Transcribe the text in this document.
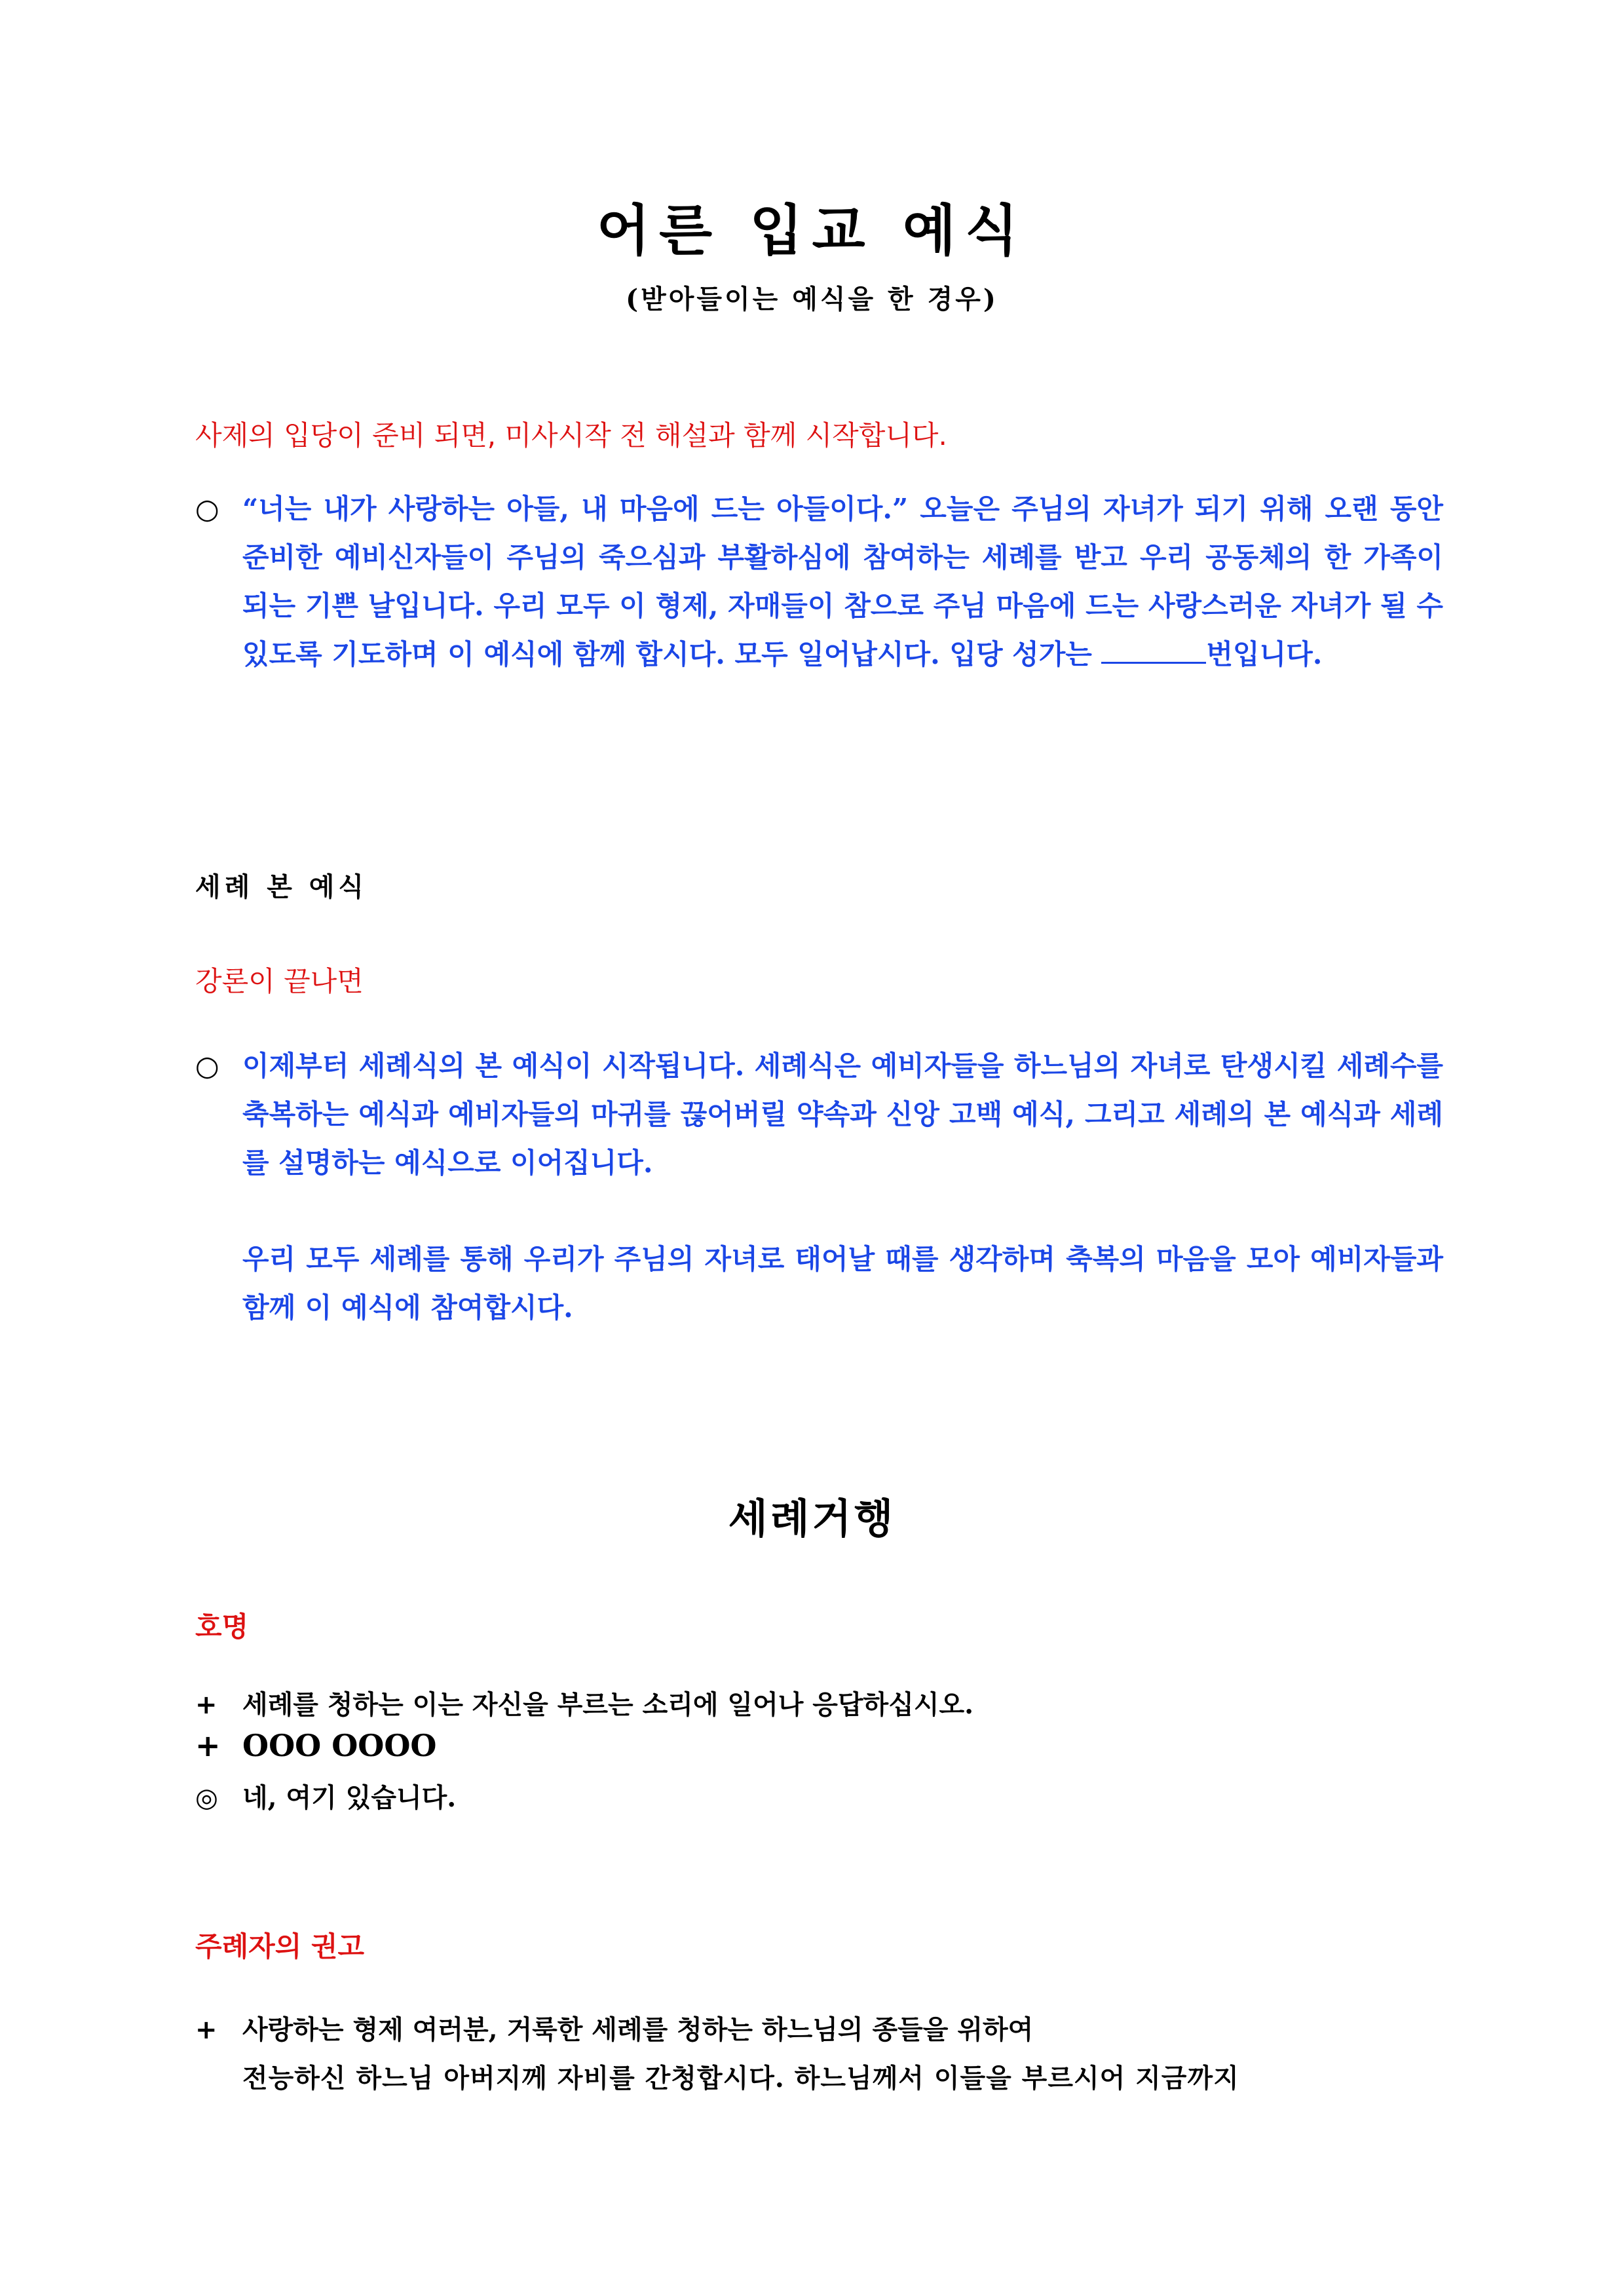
어른 입교 예식
(받아들이는 예식을 한 경우)
사제의 입당이 준비 되면, 미사시작 전 해설과 함께 시작합니다.
○ “너는 내가 사랑하는 아들, 내 마음에 드는 아들이다.” 오늘은 주님의 자녀가 되기 위해 오랜 동안 준비한 예비신자들이 주님의 죽으심과 부활하심에 참여하는 세례를 받고 우리 공동체의 한 가족이 되는 기쁜 날입니다. 우리 모두 이 형제, 자매들이 참으로 주님 마음에 드는 사랑스러운 자녀가 될 수 있도록 기도하며 이 예식에 함께 합시다. 모두 일어납시다. 입당 성가는	번입니다.
세례 본 예식
강론이 끝나면
○ 이제부터 세례식의 본 예식이 시작됩니다. 세례식은 예비자들을 하느님의 자녀로 탄생시킬 세례수를 축복하는 예식과 예비자들의 마귀를 끊어버릴 약속과 신앙 고백 예식, 그리고 세례의 본 예식과 세례를 설명하는 예식으로 이어집니다.
우리 모두 세례를 통해 우리가 주님의 자녀로 태어날 때를 생각하며 축복의 마음을 모아 예비자들과 함께 이 예식에 참여합시다.
세례거행
호명
+ 세례를 청하는 이는 자신을 부르는 소리에 일어나 응답하십시오.
+ OOO OOOO
◎ 네, 여기 있습니다.
주례자의 권고
+ 사랑하는 형제 여러분, 거룩한 세례를 청하는 하느님의 종들을 위하여
전능하신 하느님 아버지께 자비를 간청합시다. 하느님께서 이들을 부르시어 지금까지
